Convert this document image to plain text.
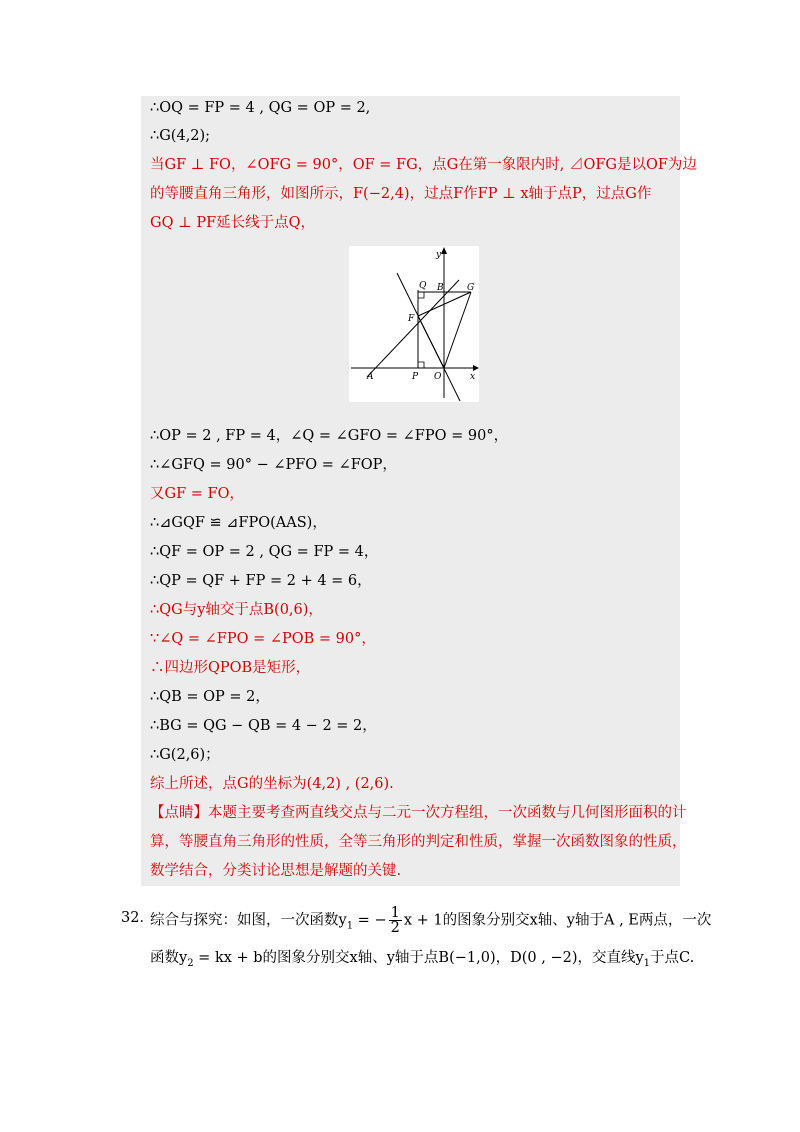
∴OQ = FP = 4 , QG = OP = 2,
∴G(4,2);
当GF ⊥ FO，∠OFG = 90°，OF = FG，点G在第一象限内时, ⊿OFG是以OF为边
的等腰直角三角形，如图所示，F(−2,4)，过点F作FP ⊥ x轴于点P，过点G作
GQ ⊥ PF延长线于点Q，
∴OP = 2 , FP = 4，∠Q = ∠GFO = ∠FPO = 90°，
∴∠GFQ = 90° − ∠PFO = ∠FOP，
又GF = FO，
∴⊿GQF ≌ ⊿FPO(AAS)，
∴QF = OP = 2 , QG = FP = 4，
∴QP = QF + FP = 2 + 4 = 6，
∴QG与y轴交于点B(0,6)，
∵∠Q = ∠FPO = ∠POB = 90°，
∴四边形QPOB是矩形，
∴QB = OP = 2，
∴BG = QG − QB = 4 − 2 = 2，
∴G(2,6)；
综上所述，点G的坐标为(4,2) , (2,6).
【点睛】本题主要考查两直线交点与二元一次方程组，一次函数与几何图形面积的计
算，等腰直角三角形的性质，全等三角形的判定和性质，掌握一次函数图象的性质，
数学结合，分类讨论思想是解题的关键.
y
x
Q B	G
F
A	P O
32．
综合与探究：如图，一次函数$y_1$ = − $\frac{1}{2}$ x + 1的图象分别交x轴、y轴于A , E两点，一次
函数$y_2$ = kx + b的图象分别交x轴、y轴于点B(−1,0)，D(0 , −2)，交直线$y_1$于点C.
